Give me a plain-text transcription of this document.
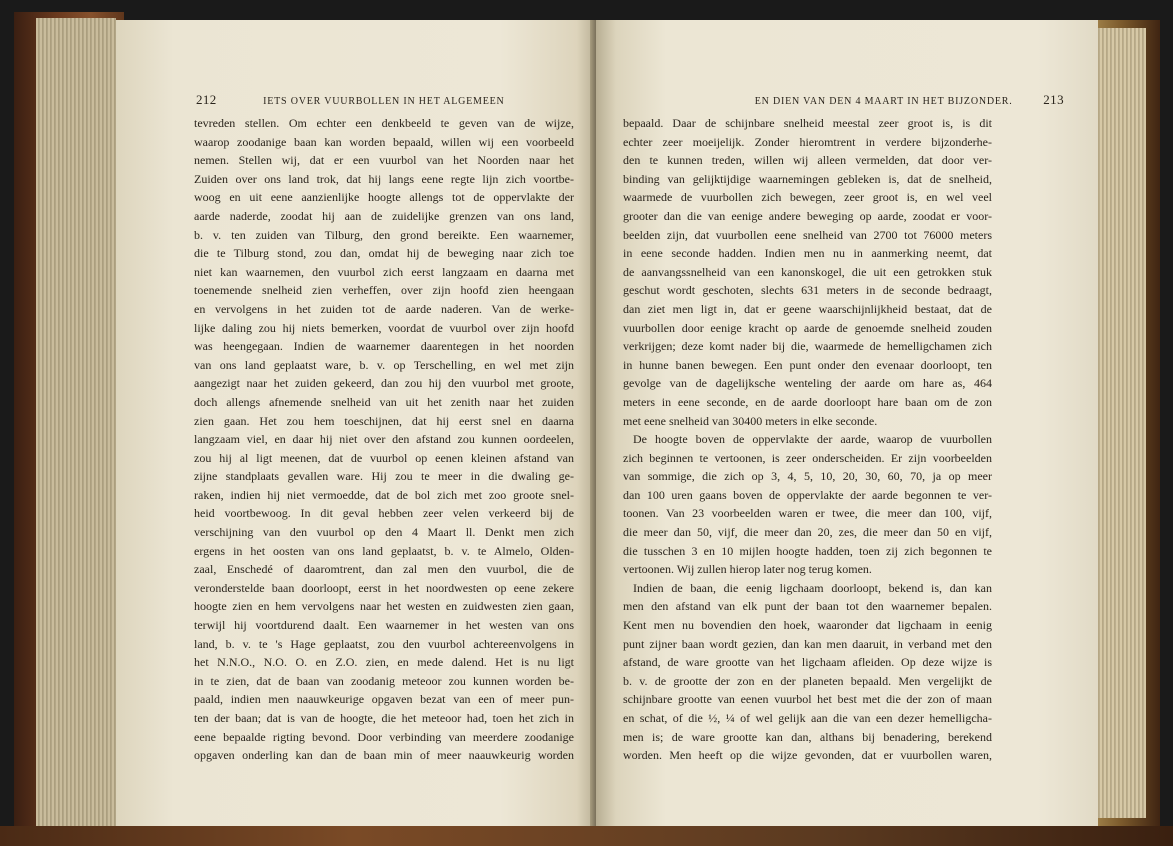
212	IETS OVER VUURBOLLEN IN HET ALGEMEEN
tevreden stellen. Om echter een denkbeeld te geven van de wijze,
waarop zoodanige baan kan worden bepaald, willen wij een voorbeeld
nemen. Stellen wij, dat er een vuurbol van het Noorden naar het
Zuiden over ons land trok, dat hij langs eene regte lijn zich voortbe-
woog en uit eene aanzienlijke hoogte allengs tot de oppervlakte der
aarde naderde, zoodat hij aan de zuidelijke grenzen van ons land,
b. v. ten zuiden van Tilburg, den grond bereikte. Een waarnemer,
die te Tilburg stond, zou dan, omdat hij de beweging naar zich toe
niet kan waarnemen, den vuurbol zich eerst langzaam en daarna met
toenemende snelheid zien verheffen, over zijn hoofd zien heengaan
en vervolgens in het zuiden tot de aarde naderen. Van de werke-
lijke daling zou hij niets bemerken, voordat de vuurbol over zijn hoofd
was heengegaan. Indien de waarnemer daarentegen in het noorden
van ons land geplaatst ware, b. v. op Terschelling, en wel met zijn
aangezigt naar het zuiden gekeerd, dan zou hij den vuurbol met groote,
doch allengs afnemende snelheid van uit het zenith naar het zuiden
zien gaan. Het zou hem toeschijnen, dat hij eerst snel en daarna
langzaam viel, en daar hij niet over den afstand zou kunnen oordeelen,
zou hij al ligt meenen, dat de vuurbol op eenen kleinen afstand van
zijne standplaats gevallen ware. Hij zou te meer in die dwaling ge-
raken, indien hij niet vermoedde, dat de bol zich met zoo groote snel-
heid voortbewoog. In dit geval hebben zeer velen verkeerd bij de
verschijning van den vuurbol op den 4 Maart ll. Denkt men zich
ergens in het oosten van ons land geplaatst, b. v. te Almelo, Olden-
zaal, Enschedé of daaromtrent, dan zal men den vuurbol, die de
veronderstelde baan doorloopt, eerst in het noordwesten op eene zekere
hoogte zien en hem vervolgens naar het westen en zuidwesten zien gaan,
terwijl hij voortdurend daalt. Een waarnemer in het westen van ons
land, b. v. te 's Hage geplaatst, zou den vuurbol achtereenvolgens in
het N.N.O., N.O. O. en Z.O. zien, en mede dalend. Het is nu ligt
in te zien, dat de baan van zoodanig meteoor zou kunnen worden be-
paald, indien men naauwkeurige opgaven bezat van een of meer pun-
ten der baan; dat is van de hoogte, die het meteoor had, toen het zich in
eene bepaalde rigting bevond. Door verbinding van meerdere zoodanige
opgaven onderling kan dan de baan min of meer naauwkeurig worden
EN DIEN VAN DEN 4 MAART IN HET BIJZONDER. 213
bepaald. Daar de schijnbare snelheid meestal zeer groot is, is dit
echter zeer moeijelijk. Zonder hieromtrent in verdere bijzonderhe-
den te kunnen treden, willen wij alleen vermelden, dat door ver-
binding van gelijktijdige waarnemingen gebleken is, dat de snelheid,
waarmede de vuurbollen zich bewegen, zeer groot is, en wel veel
grooter dan die van eenige andere beweging op aarde, zoodat er voor-
beelden zijn, dat vuurbollen eene snelheid van 2700 tot 76000 meters
in eene seconde hadden. Indien men nu in aanmerking neemt, dat
de aanvangssnelheid van een kanonskogel, die uit een getrokken stuk
geschut wordt geschoten, slechts 631 meters in de seconde bedraagt,
dan ziet men ligt in, dat er geene waarschijnlijkheid bestaat, dat de
vuurbollen door eenige kracht op aarde de genoemde snelheid zouden
verkrijgen; deze komt nader bij die, waarmede de hemelligchamen zich
in hunne banen bewegen. Een punt onder den evenaar doorloopt, ten
gevolge van de dagelijksche wenteling der aarde om hare as, 464
meters in eene seconde, en de aarde doorloopt hare baan om de zon
met eene snelheid van 30400 meters in elke seconde.
De hoogte boven de oppervlakte der aarde, waarop de vuurbollen
zich beginnen te vertoonen, is zeer onderscheiden. Er zijn voorbeelden
van sommige, die zich op 3, 4, 5, 10, 20, 30, 60, 70, ja op meer
dan 100 uren gaans boven de oppervlakte der aarde begonnen te ver-
toonen. Van 23 voorbeelden waren er twee, die meer dan 100, vijf,
die meer dan 50, vijf, die meer dan 20, zes, die meer dan 50 en vijf,
die tusschen 3 en 10 mijlen hoogte hadden, toen zij zich begonnen te
vertoonen. Wij zullen hierop later nog terug komen.
Indien de baan, die eenig ligchaam doorloopt, bekend is, dan kan
men den afstand van elk punt der baan tot den waarnemer bepalen.
Kent men nu bovendien den hoek, waaronder dat ligchaam in eenig
punt zijner baan wordt gezien, dan kan men daaruit, in verband met den
afstand, de ware grootte van het ligchaam afleiden. Op deze wijze is
b. v. de grootte der zon en der planeten bepaald. Men vergelijkt de
schijnbare grootte van eenen vuurbol het best met die der zon of maan
en schat, of die ½, ¼ of wel gelijk aan die van een dezer hemelligcha-
men is; de ware grootte kan dan, althans bij benadering, berekend
worden. Men heeft op die wijze gevonden, dat er vuurbollen waren,
